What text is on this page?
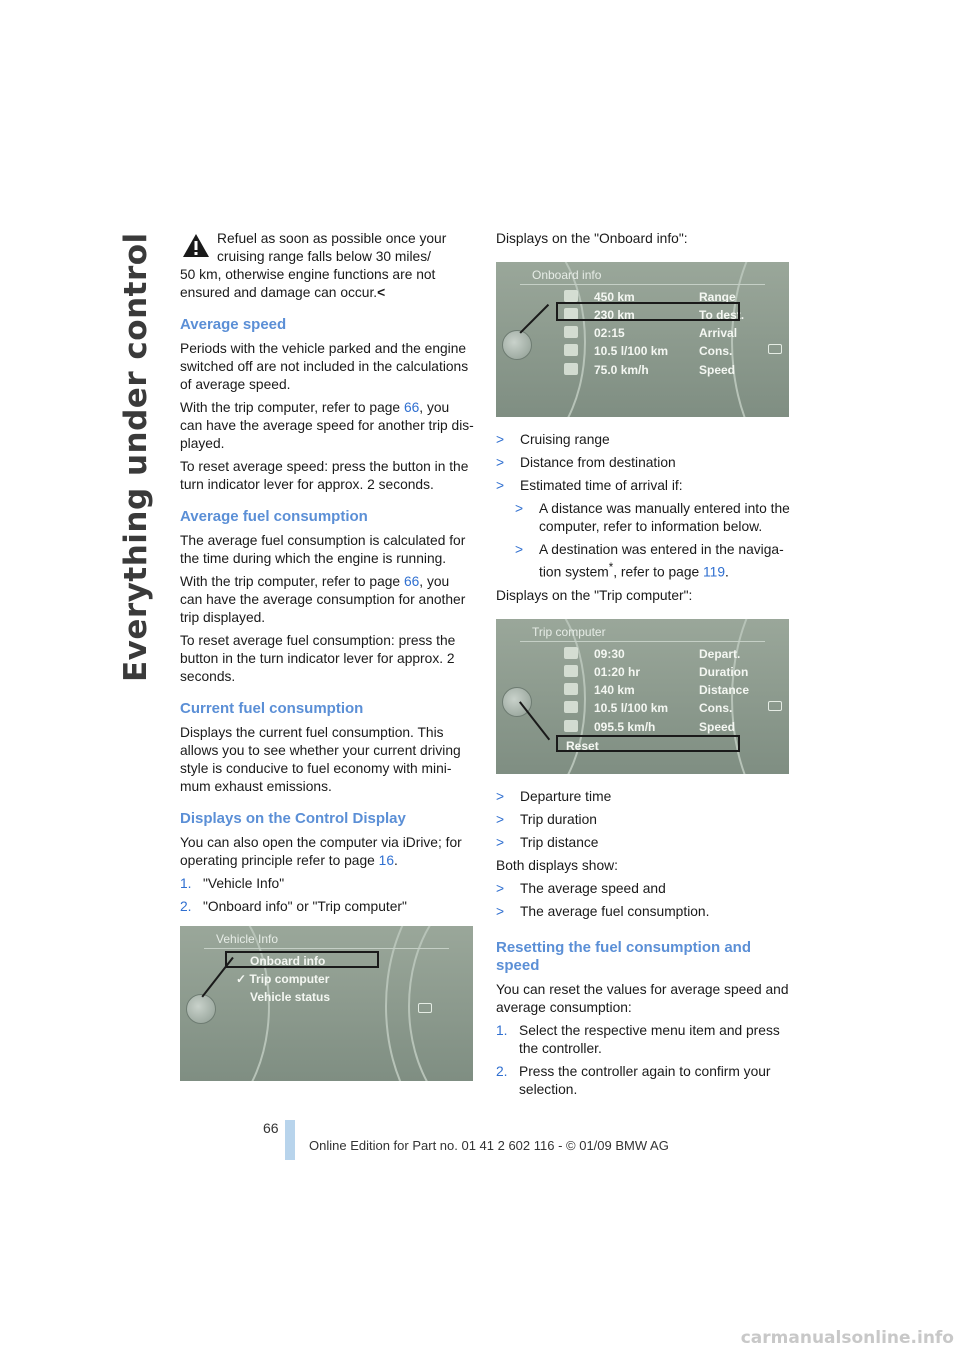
Everything under control	Refuel as soon as possible once your cruising range falls below 30 miles/
50 km, otherwise engine functions are not ensured and damage can occur.<
Average speed
Periods with the vehicle parked and the engine switched off are not included in the calculations of average speed.
With the trip computer, refer to page 66, you can have the average speed for another trip dis-played.
To reset average speed: press the button in the turn indicator lever for approx. 2 seconds.
Average fuel consumption
The average fuel consumption is calculated for the time during which the engine is running.
With the trip computer, refer to page 66, you can have the average consumption for another trip displayed.
To reset average fuel consumption: press the button in the turn indicator lever for approx. 2 seconds.
Current fuel consumption
Displays the current fuel consumption. This allows you to see whether your current driving style is conducive to fuel economy with mini-mum exhaust emissions.
Displays on the Control Display
You can also open the computer via iDrive; for operating principle refer to page 16.
1. "Vehicle Info"
2. "Onboard info" or "Trip computer"
Vehicle Info
Onboard info
✓ Trip computer
Vehicle status
Displays on the "Onboard info":
Onboard info
450 km	Range
230 km	To dest.
02:15	Arrival
10.5 l/100 km	Cons.
75.0 km/h	Speed
>	Cruising range
>	Distance from destination
>	Estimated time of arrival if:
>	A distance was manually entered into the computer, refer to information below.
>	A destination was entered in the naviga-tion system*, refer to page 119.
Displays on the "Trip computer":
Trip computer
09:30	Depart.
01:20 hr	Duration
140 km	Distance
10.5 l/100 km	Cons.
095.5 km/h	Speed
Reset
>	Departure time
>	Trip duration
>	Trip distance
Both displays show:
>	The average speed and
>	The average fuel consumption.
Resetting the fuel consumption and speed
You can reset the values for average speed and average consumption:
1. Select the respective menu item and press the controller.
2. Press the controller again to confirm your selection.
66
Online Edition for Part no. 01 41 2 602 116 - © 01/09 BMW AG
carmanualsonline.info
